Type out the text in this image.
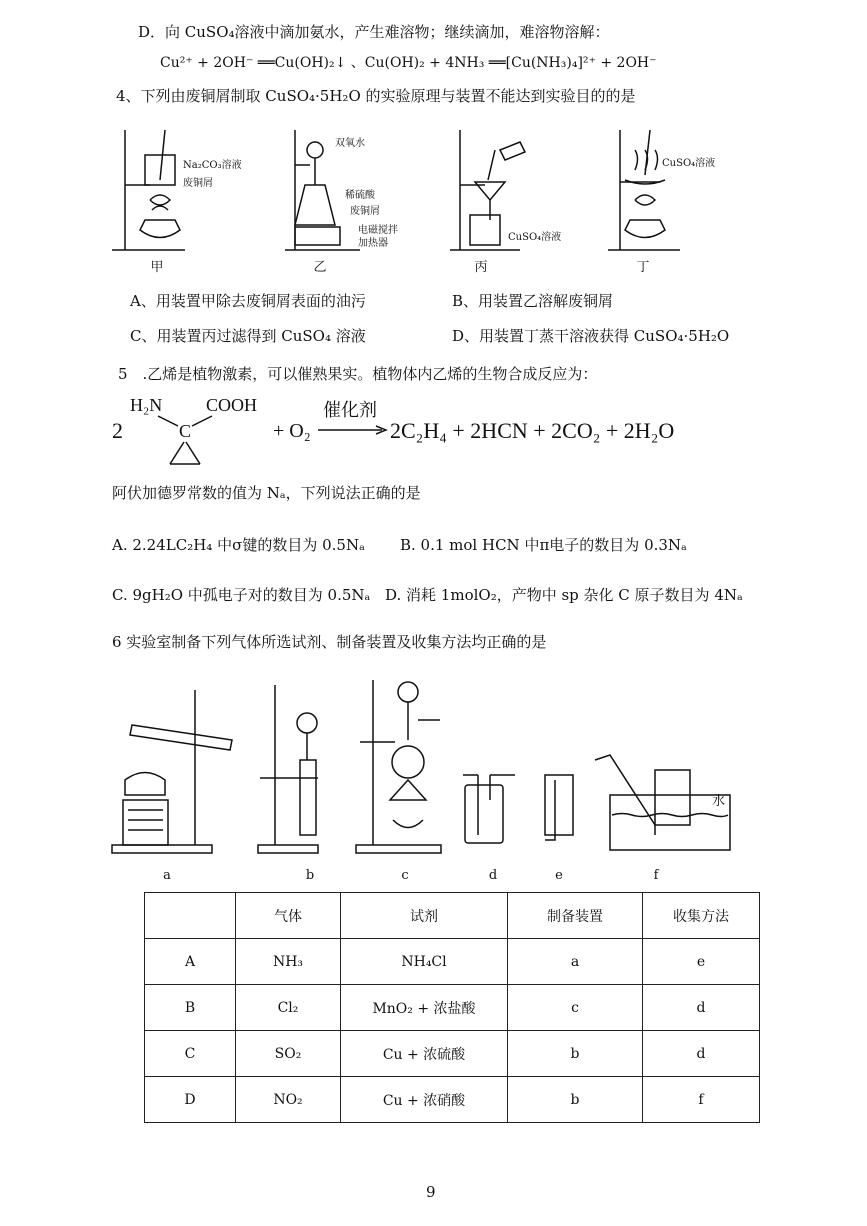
D．向 CuSO₄溶液中滴加氨水，产生难溶物；继续滴加，难溶物溶解：
Cu²⁺ + 2OH⁻ ══Cu(OH)₂↓ 、Cu(OH)₂ + 4NH₃ ══[Cu(NH₃)₄]²⁺ + 2OH⁻
4、下列由废铜屑制取 CuSO₄·5H₂O 的实验原理与装置不能达到实验目的的是
Na₂CO₃溶液
废铜屑
双氧水
稀硫酸
废铜屑
电磁搅拌
加热器
CuSO₄溶液
CuSO₄溶液
甲	乙	丙	丁
A、用装置甲除去废铜屑表面的油污	B、用装置乙溶解废铜屑
C、用装置丙过滤得到 CuSO₄ 溶液	D、用装置丁蒸干溶液获得 CuSO₄·5H₂O
5　.乙烯是植物激素，可以催熟果实。植物体内乙烯的生物合成反应为：
2
H₂N COOH
C	+ O₂
催化剂
2C₂H₄ + 2HCN + 2CO₂ + 2H₂O
阿伏加德罗常数的值为 Nₐ，下列说法正确的是
A. 2.24LC₂H₄ 中σ键的数目为 0.5Nₐ B. 0.1 mol HCN 中π电子的数目为 0.3Nₐ
C. 9gH₂O 中孤电子对的数目为 0.5Nₐ D. 消耗 1molO₂，产物中 sp 杂化 C 原子数目为 4Nₐ
6 实验室制备下列气体所选试剂、制备装置及收集方法均正确的是
a	b	c	d	e	f
水
	气体	试剂	制备装置	收集方法
A	NH₃	NH₄Cl	a	e
B	Cl₂	MnO₂ + 浓盐酸	c	d
C	SO₂	Cu + 浓硫酸	b	d
D	NO₂	Cu + 浓硝酸	b	f
9
